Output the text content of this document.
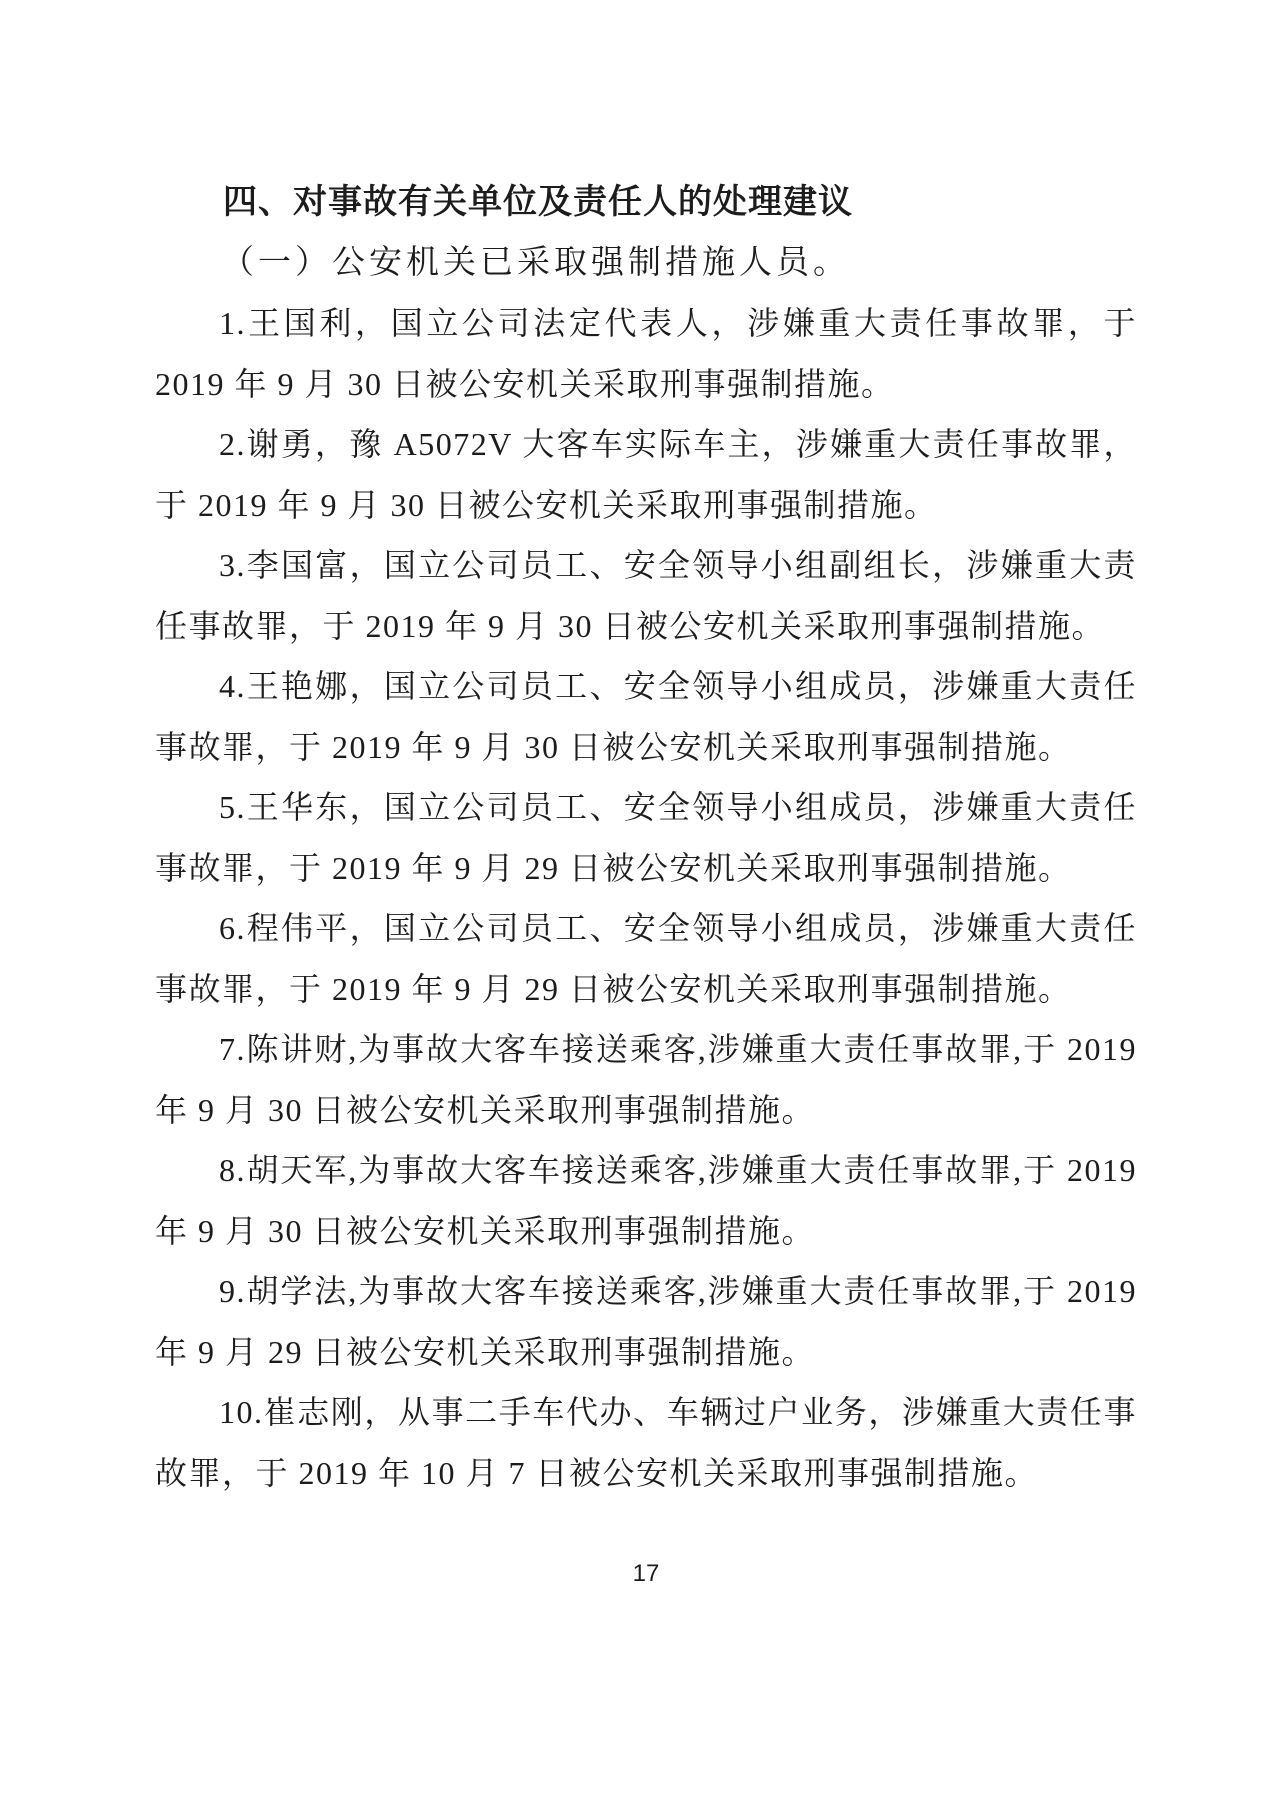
四、对事故有关单位及责任人的处理建议

（一）公安机关已采取强制措施人员。

1.王国利，国立公司法定代表人，涉嫌重大责任事故罪，于 2019 年 9 月 30 日被公安机关采取刑事强制措施。

2.谢勇，豫 A5072V 大客车实际车主，涉嫌重大责任事故罪，于 2019 年 9 月 30 日被公安机关采取刑事强制措施。

3.李国富，国立公司员工、安全领导小组副组长，涉嫌重大责任事故罪，于 2019 年 9 月 30 日被公安机关采取刑事强制措施。

4.王艳娜，国立公司员工、安全领导小组成员，涉嫌重大责任事故罪，于 2019 年 9 月 30 日被公安机关采取刑事强制措施。

5.王华东，国立公司员工、安全领导小组成员，涉嫌重大责任事故罪，于 2019 年 9 月 29 日被公安机关采取刑事强制措施。

6.程伟平，国立公司员工、安全领导小组成员，涉嫌重大责任事故罪，于 2019 年 9 月 29 日被公安机关采取刑事强制措施。

7.陈讲财,为事故大客车接送乘客,涉嫌重大责任事故罪,于 2019 年 9 月 30 日被公安机关采取刑事强制措施。

8.胡天军,为事故大客车接送乘客,涉嫌重大责任事故罪,于 2019 年 9 月 30 日被公安机关采取刑事强制措施。

9.胡学法,为事故大客车接送乘客,涉嫌重大责任事故罪,于 2019 年 9 月 29 日被公安机关采取刑事强制措施。

10.崔志刚，从事二手车代办、车辆过户业务，涉嫌重大责任事故罪，于 2019 年 10 月 7 日被公安机关采取刑事强制措施。

17
